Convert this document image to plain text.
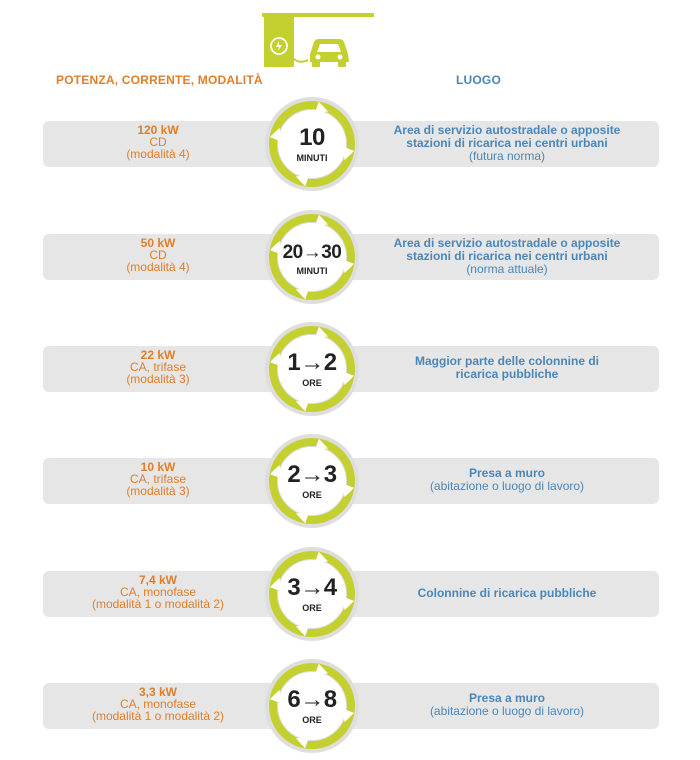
POTENZA, CORRENTE, MODALITÀ	LUOGO
120 kW
CD
(modalità 4)
10
MINUTI
Area di servizio autostradale o apposite
stazioni di ricarica nei centri urbani
(futura norma)
50 kW
CD
(modalità 4)
20→30
MINUTI
Area di servizio autostradale o apposite
stazioni di ricarica nei centri urbani
(norma attuale)
22 kW
CA, trifase
(modalità 3)
1→2
ORE
Maggior parte delle colonnine di
ricarica pubbliche
10 kW
CA, trifase
(modalità 3)
2→3
ORE
Presa a muro
(abitazione o luogo di lavoro)
7,4 kW
CA, monofase
(modalità 1 o modalità 2)
3→4
ORE
Colonnine di ricarica pubbliche
3,3 kW
CA, monofase
(modalità 1 o modalità 2)
6→8
ORE
Presa a muro
(abitazione o luogo di lavoro)
